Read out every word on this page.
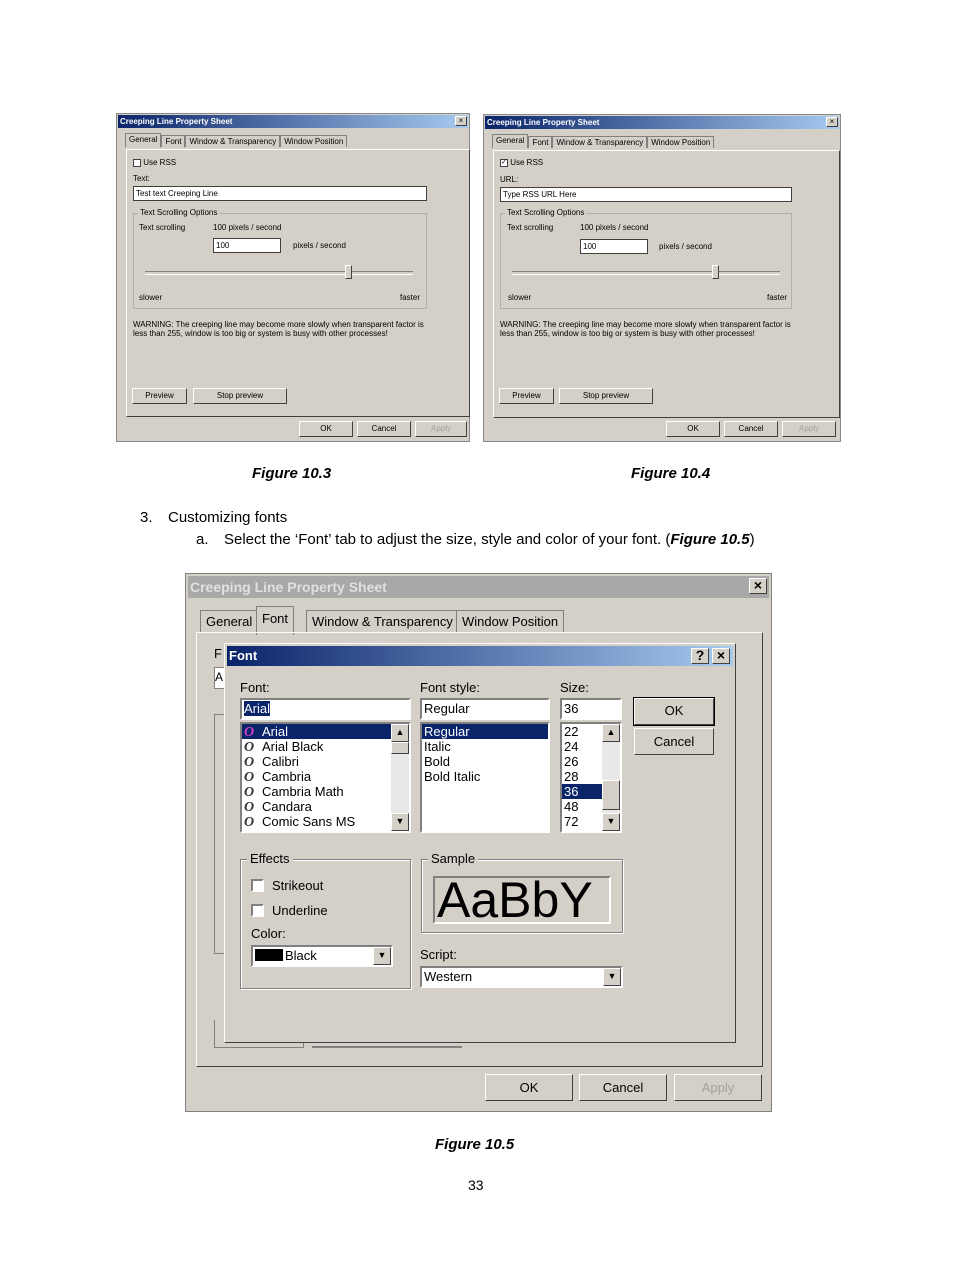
Creeping Line Property Sheet	×
General	Font	Window & Transparency	Window Position
Use RSS
Text:
Test text Creeping Line
Text Scrolling Options
Text scrolling	100 pixels / second
100	pixels / second
slower	faster
WARNING: The creeping line may become more slowly when transparent factor is less than 255, window is too big or system is busy with other processes!
Preview	Stop preview
OK	Cancel	Apply
Creeping Line Property Sheet	×
General	Font	Window & Transparency	Window Position
✓ Use RSS
URL:
Type RSS URL Here
Text Scrolling Options
Text scrolling	100 pixels / second
100	pixels / second
slower	faster
WARNING: The creeping line may become more slowly when transparent factor is less than 255, window is too big or system is busy with other processes!
Preview	Stop preview
OK	Cancel	Apply
Figure 10.3	Figure 10.4
3. Customizing fonts
a. Select the ‘Font’ tab to adjust the size, style and color of your font. (Figure 10.5)
Creeping Line Property Sheet	×
General Font	Window & Transparency Window Position
F
A
OK	Cancel	Apply
Font	? ×
Font:
Arial
O Arial
O Arial Black
O Calibri
O Cambria
O Cambria Math
O Candara
O Comic Sans MS
▲
▼
Font style:
Regular
Regular
Italic
Bold
Bold Italic
Size:
36
22
24
26
28
36
48
72
▲
▼
OK
Cancel
Effects
Strikeout
Underline
Color:
Black	▼
Sample
AaBbY
Script:
Western	▼
Figure 10.5
33
